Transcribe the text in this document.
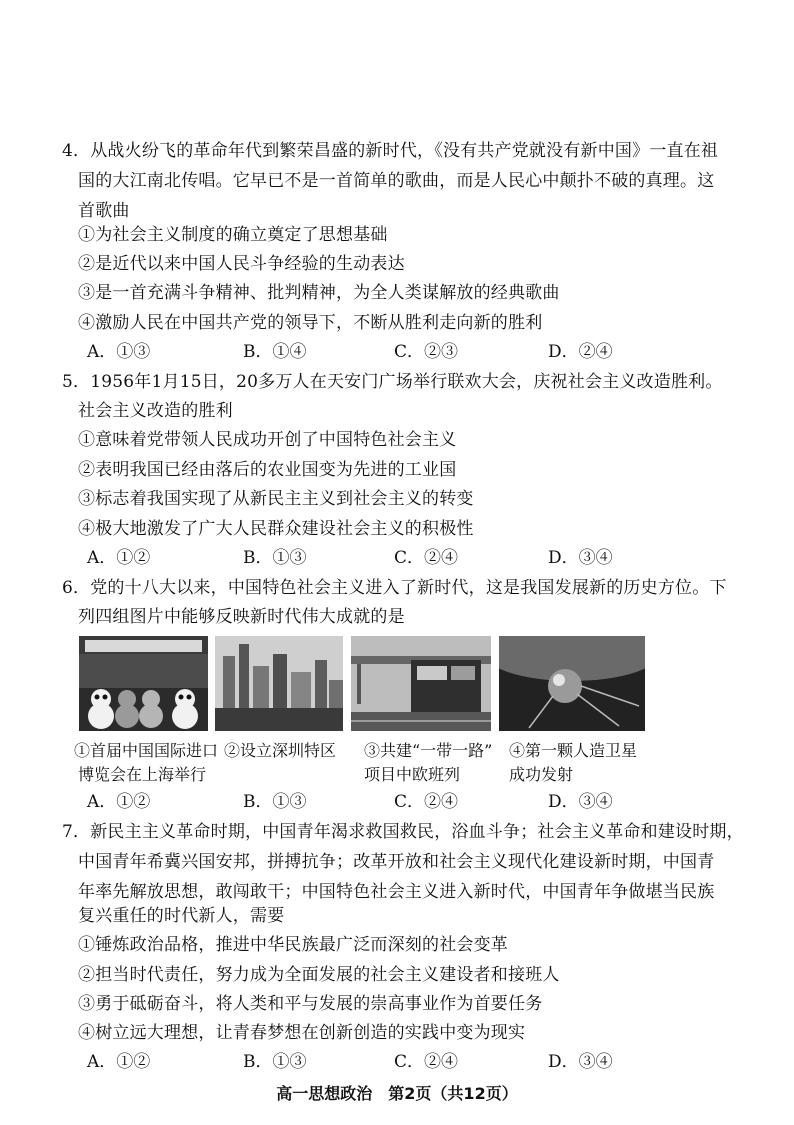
4．从战火纷飞的革命年代到繁荣昌盛的新时代，《没有共产党就没有新中国》一直在祖
国的大江南北传唱。它早已不是一首简单的歌曲，而是人民心中颠扑不破的真理。这
首歌曲
①为社会主义制度的确立奠定了思想基础
②是近代以来中国人民斗争经验的生动表达
③是一首充满斗争精神、批判精神，为全人类谋解放的经典歌曲
④激励人民在中国共产党的领导下，不断从胜利走向新的胜利
A．①③	B．①④	C．②③	D．②④
5．1956年1月15日，20多万人在天安门广场举行联欢大会，庆祝社会主义改造胜利。
社会主义改造的胜利
①意味着党带领人民成功开创了中国特色社会主义
②表明我国已经由落后的农业国变为先进的工业国
③标志着我国实现了从新民主主义到社会主义的转变
④极大地激发了广大人民群众建设社会主义的积极性
A．①②	B．①③	C．②④	D．③④
6．党的十八大以来，中国特色社会主义进入了新时代，这是我国发展新的历史方位。下
列四组图片中能够反映新时代伟大成就的是
①首届中国国际进口
博览会在上海举行
②设立深圳特区 ③共建“一带一路”
项目中欧班列
④第一颗人造卫星
成功发射
A．①②	B．①③	C．②④	D．③④
7．新民主主义革命时期，中国青年渴求救国救民，浴血斗争；社会主义革命和建设时期，
中国青年希冀兴国安邦，拼搏抗争；改革开放和社会主义现代化建设新时期，中国青
年率先解放思想，敢闯敢干；中国特色社会主义进入新时代，中国青年争做堪当民族
复兴重任的时代新人，需要
①锤炼政治品格，推进中华民族最广泛而深刻的社会变革
②担当时代责任，努力成为全面发展的社会主义建设者和接班人
③勇于砥砺奋斗，将人类和平与发展的崇高事业作为首要任务
④树立远大理想，让青春梦想在创新创造的实践中变为现实
A．①②	B．①③	C．②④	D．③④
高一思想政治　第2页（共12页）
